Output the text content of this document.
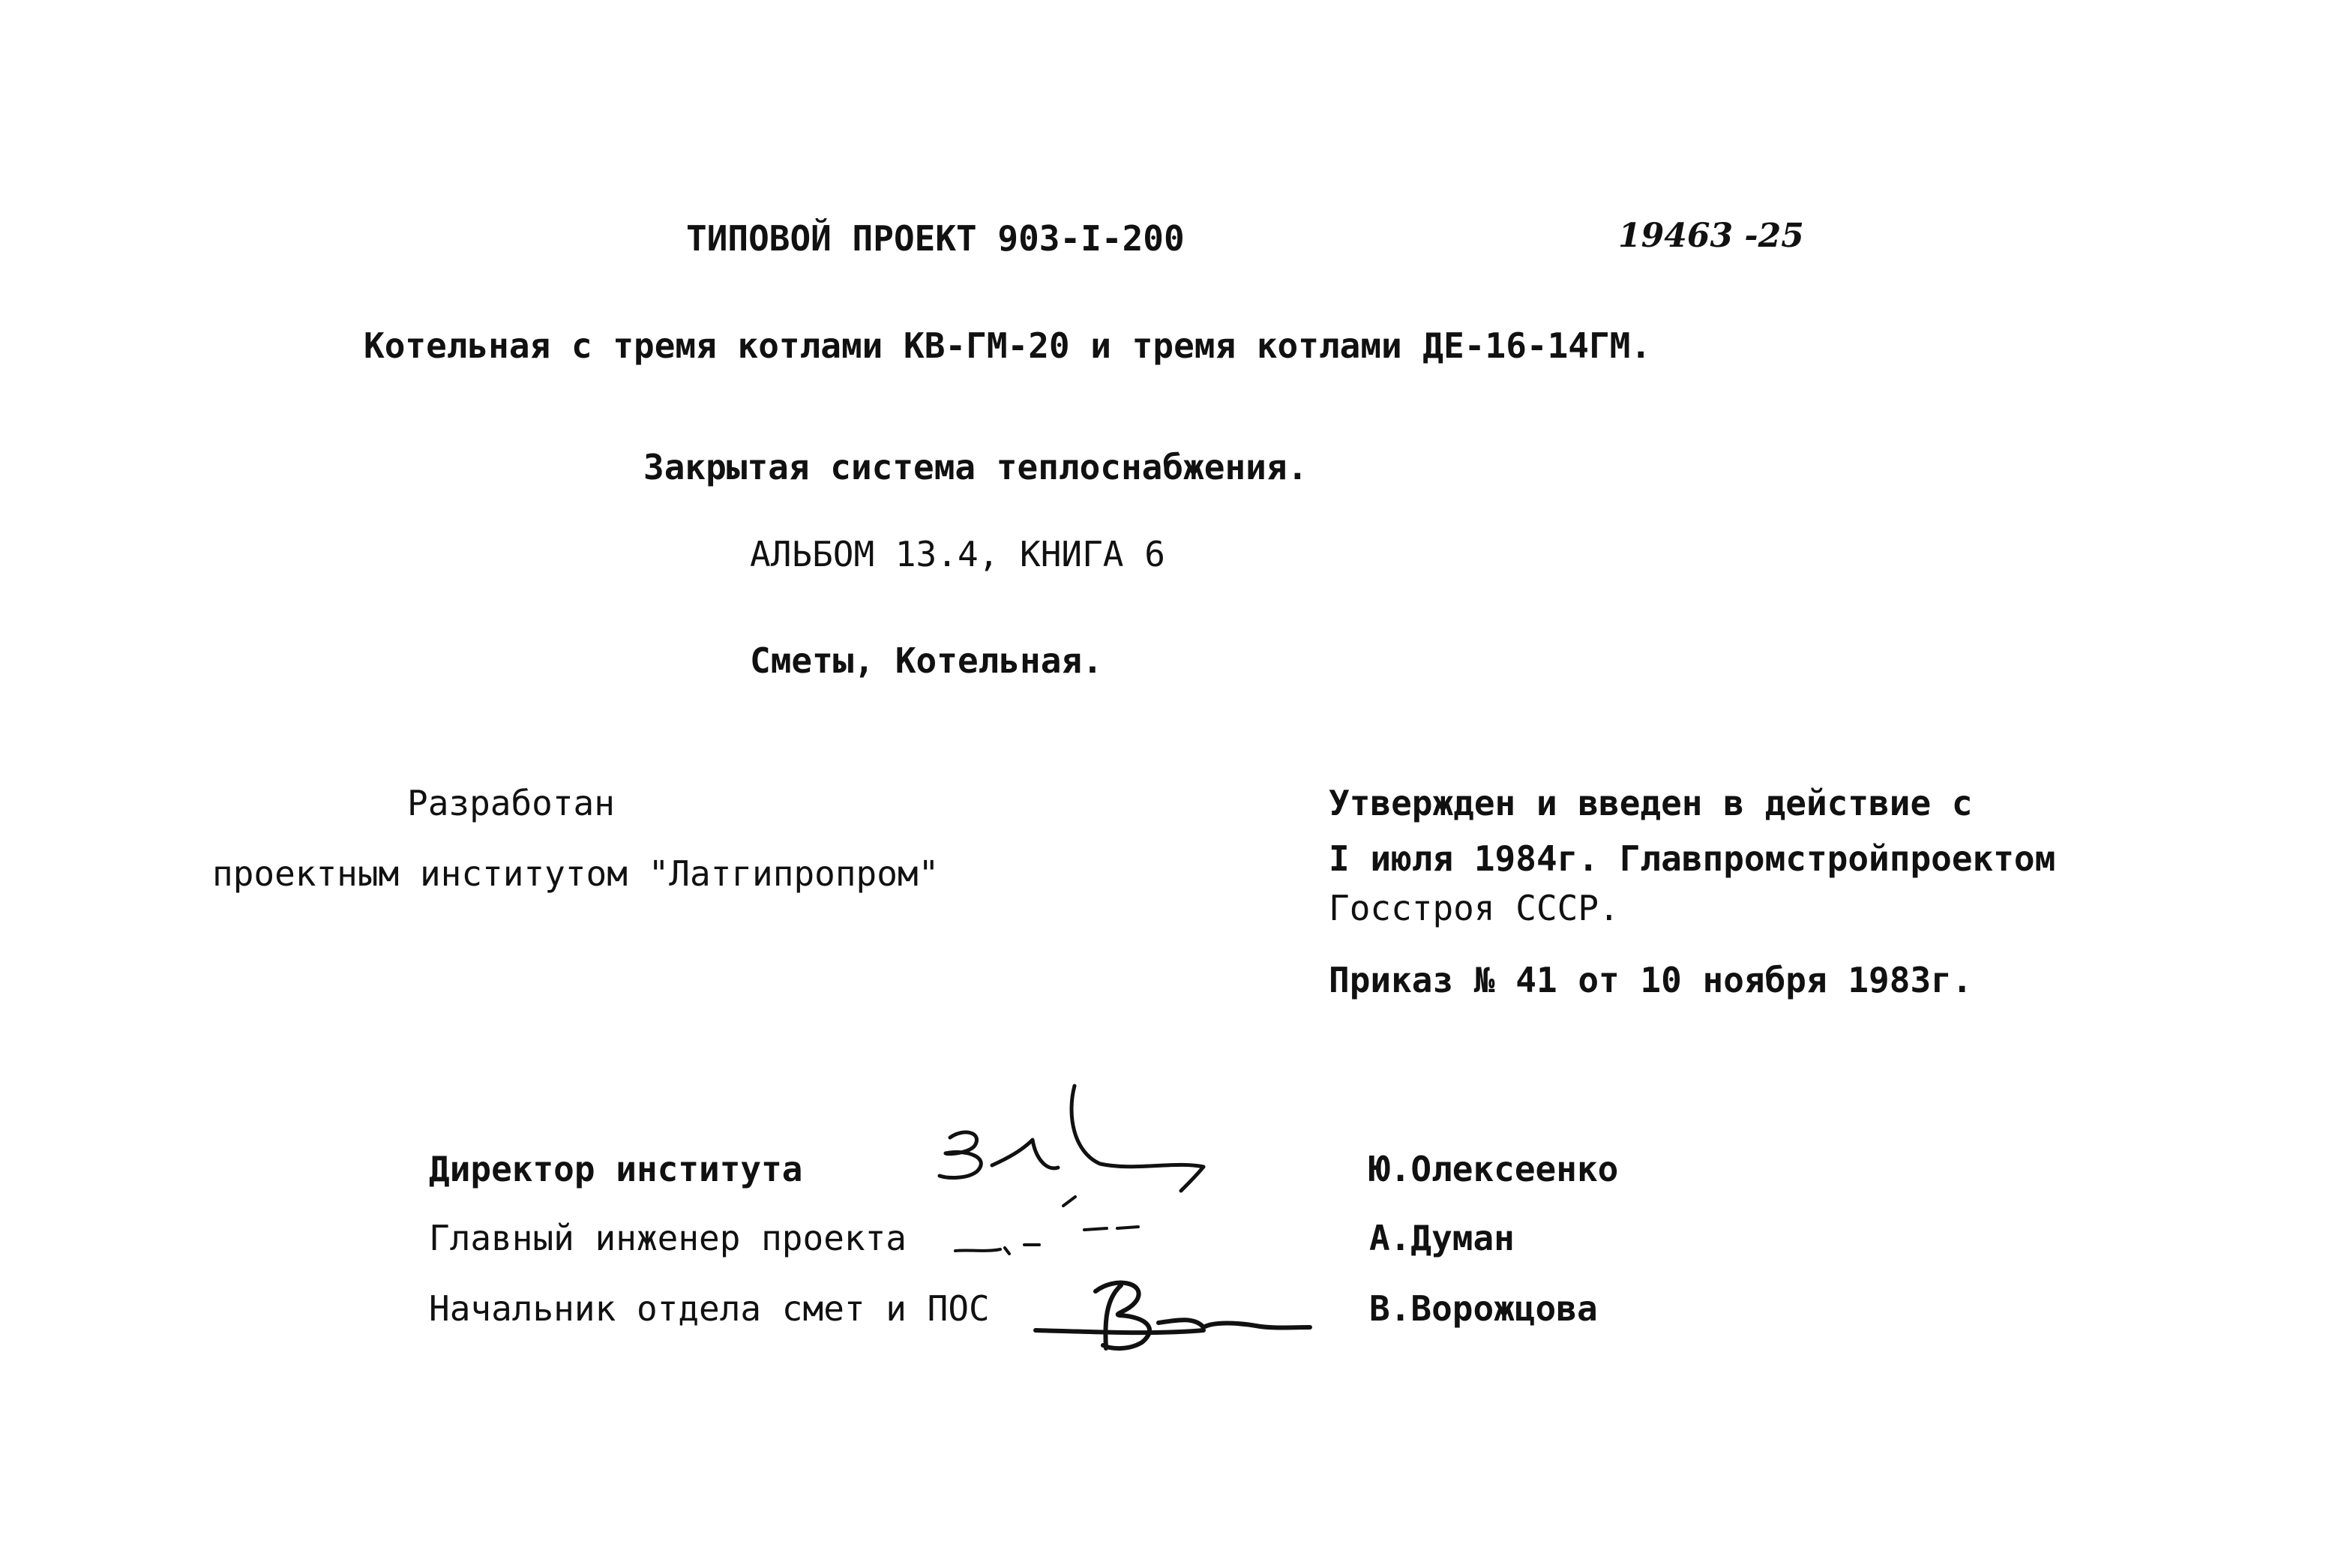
ТИПОВОЙ ПРОЕКТ 903-I-200	19463 -25
Котельная с тремя котлами КВ-ГМ-20 и тремя котлами ДЕ-16-14ГМ.
Закрытая система теплоснабжения.
АЛЬБОМ 13.4, КНИГА 6
Сметы, Котельная.
Разработан
проектным институтом "Латгипропром"
Утвержден и введен в действие с
I июля 1984г. Главпромстройпроектом
Госстроя СССР.
Приказ № 41 от 10 ноября 1983г.
Директор института	Ю.Олексеенко
Главный инженер проекта	А.Думан
Начальник отдела смет и ПОС	В.Ворожцова
